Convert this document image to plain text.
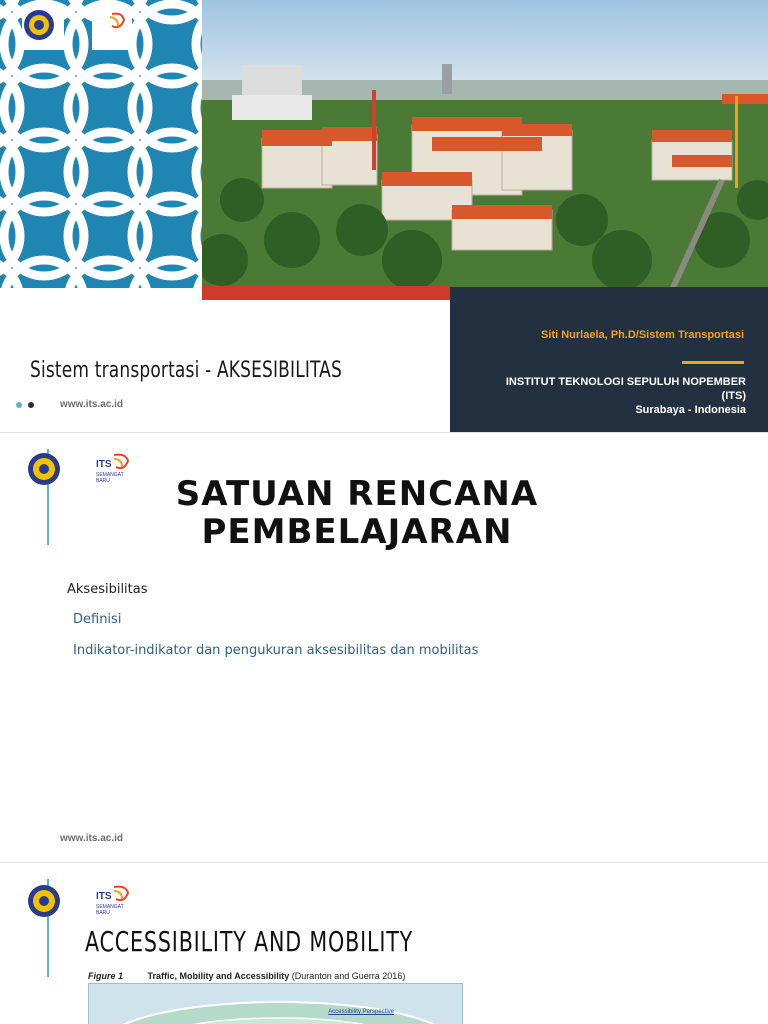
Sistem transportasi - AKSESIBILITAS
www.its.ac.id
Siti Nurlaela, Ph.D/Sistem Transportasi
INSTITUT TEKNOLOGI SEPULUH NOPEMBER
(ITS)
Surabaya - Indonesia
ITS
SEMANGAT
BARU	SATUAN RENCANA
PEMBELAJARAN
Aksesibilitas
Definisi
Indikator-indikator dan pengukuran aksesibilitas dan mobilitas
www.its.ac.id
ITS
SEMANGAT
BARU
ACCESSIBILITY AND MOBILITY
Figure 1	Traffic, Mobility and Accessibility (Duranton and Guerra 2016)
Accessibility Perspective
